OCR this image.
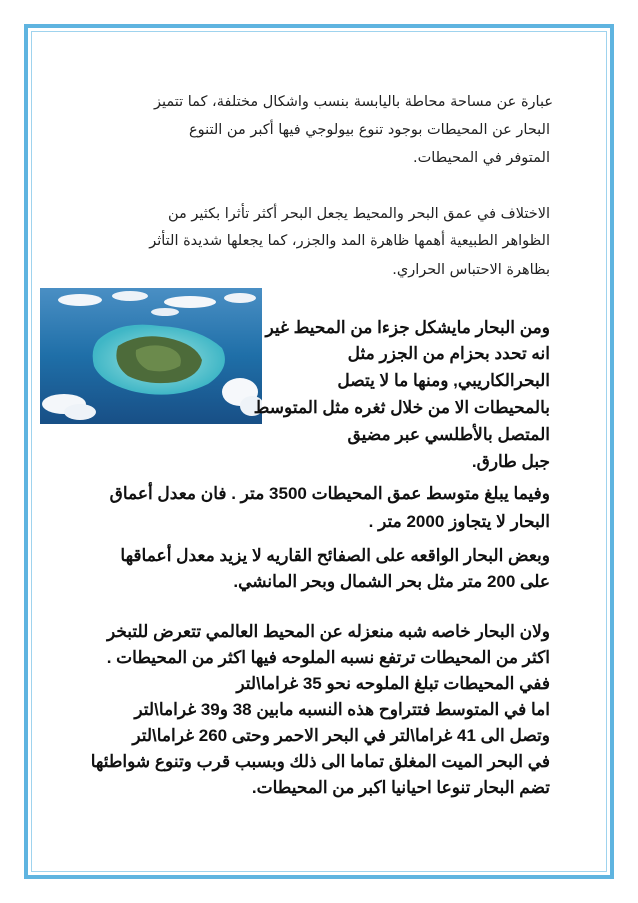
عبارة عن مساحة محاطة باليابسة بنسب واشكال مختلفة، كما تتميز
البحار عن المحيطات بوجود تنوع بيولوجي فيها أكبر من التنوع
المتوفر في المحيطات.
الاختلاف في عمق البحر والمحيط يجعل البحر أكثر تأثرا بكثير من
الظواهر الطبيعية أهمها ظاهرة المد والجزر، كما يجعلها شديدة التأثر
بظاهرة الاحتباس الحراري.
ومن البحار مايشكل جزءا من المحيط غير
انه تحدد بحزام من الجزر مثل
البحرالكاريبي, ومنها ما لا يتصل
بالمحيطات الا من خلال ثغره مثل المتوسط
المتصل بالأطلسي عبر مضيق
جبل طارق.
وفيما يبلغ متوسط عمق المحيطات 3500 متر . فان معدل أعماق
البحار لا يتجاوز 2000 متر .
وبعض البحار الواقعه على الصفائح القاريه لا يزيد معدل أعماقها
على 200 متر مثل بحر الشمال وبحر المانشي.
ولان البحار خاصه شبه منعزله عن المحيط العالمي تتعرض للتبخر
اكثر من المحيطات ترتفع نسبه الملوحه فيها اكثر من المحيطات .
ففي المحيطات تبلغ الملوحه نحو 35 غراما\لتر
اما في المتوسط فتتراوح هذه النسبه مابين 38 و39 غراما\لتر
وتصل الى 41 غراما\لتر في البحر الاحمر وحتى 260 غراما\لتر
في البحر الميت المغلق تماما الى ذلك وبسبب قرب وتنوع شواطئها
تضم البحار تنوعا احيانيا اكبر من المحيطات.
